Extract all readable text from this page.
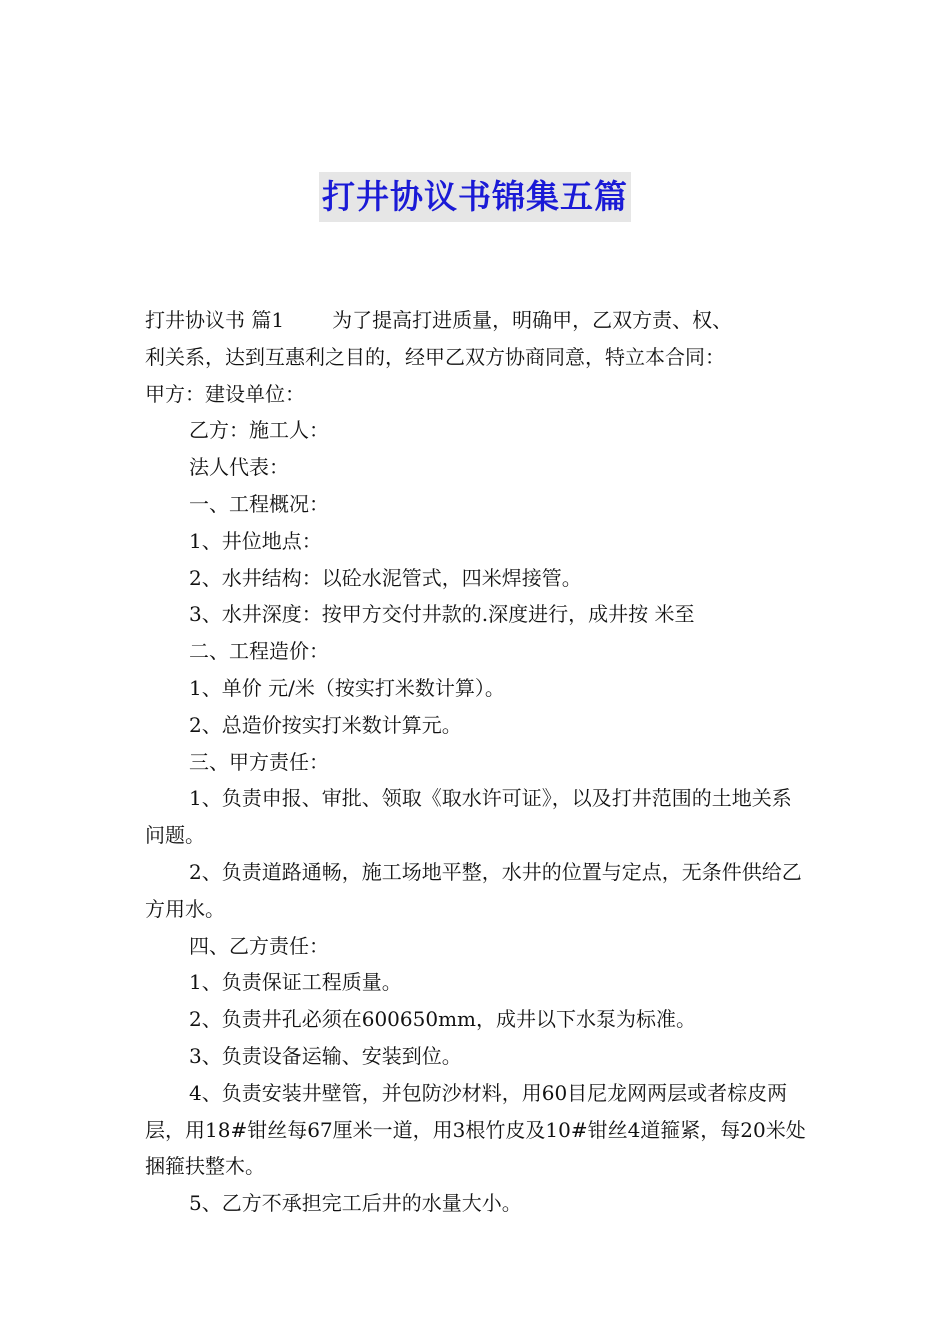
打井协议书锦集五篇

打井协议书 篇1 为了提高打进质量，明确甲，乙双方责、权、

利关系，达到互惠利之目的，经甲乙双方协商同意，特立本合同：

甲方：建设单位：

乙方：施工人：

法人代表：

一、工程概况：

1、井位地点：

2、水井结构：以砼水泥管式，四米焊接管。

3、水井深度：按甲方交付井款的.深度进行，成井按 米至

二、工程造价：

1、单价 元/米（按实打米数计算）。

2、总造价按实打米数计算元。

三、甲方责任：

1、负责申报、审批、领取《取水许可证》，以及打井范围的土地关系问题。

2、负责道路通畅，施工场地平整，水井的位置与定点，无条件供给乙方用水。

四、乙方责任：

1、负责保证工程质量。

2、负责井孔必须在600650mm，成井以下水泵为标准。

3、负责设备运输、安装到位。

4、负责安装井壁管，并包防沙材料，用60目尼龙网两层或者棕皮两层，用18#钳丝每67厘米一道，用3根竹皮及10#钳丝4道箍紧，每20米处捆箍扶整木。

5、乙方不承担完工后井的水量大小。
